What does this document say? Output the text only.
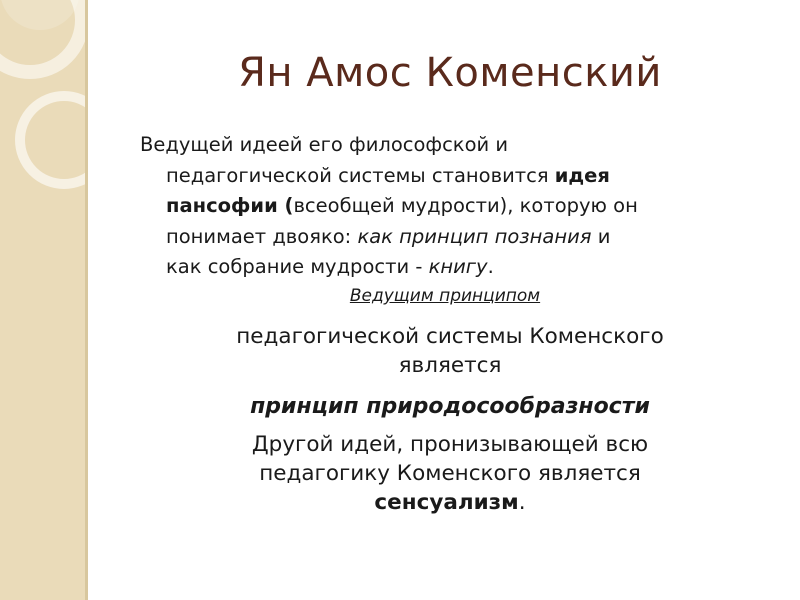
Ян Амос Коменский
Ведущей идеей его философской и
педагогической системы становится идея
пансофии (всеобщей мудрости), которую он
понимает двояко: как принцип познания и
как собрание мудрости - книгу.
Ведущим принципом
педагогической системы Коменского
является
принцип природосообразности
Другой идей, пронизывающей всю
педагогику Коменского является
сенсуализм.
